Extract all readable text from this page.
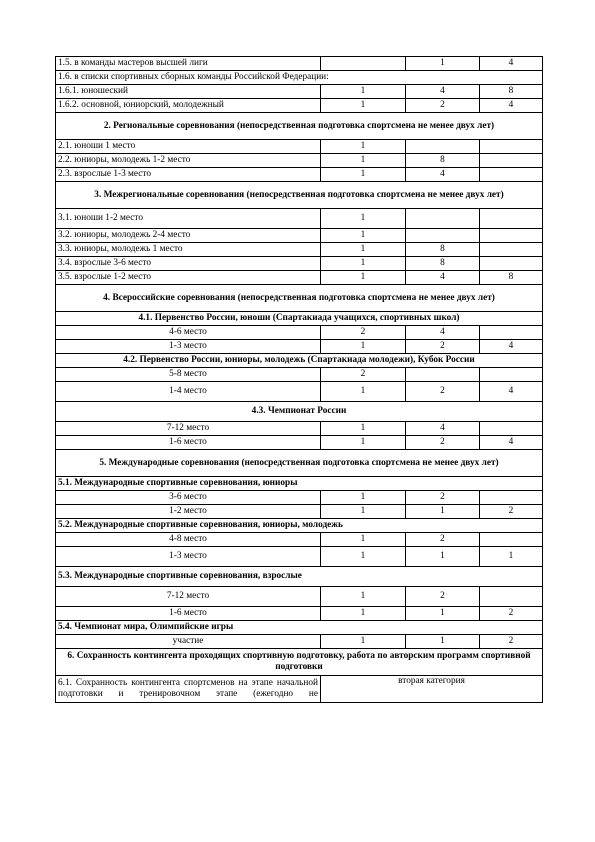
1.5. в команды мастеров высшей лиги		1	4
1.6. в списки спортивных сборных команды Российской Федерации:			
1.6.1. юношеский	1	4	8
1.6.2. основной, юниорский, молодежный	1	2	4
2. Региональные соревнования (непосредственная подготовка спортсмена не менее двух лет)			
2.1. юноши 1 место	1		
2.2. юниоры, молодежь 1-2 место	1	8	
2.3. взрослые 1-3 место	1	4	
3. Межрегиональные соревнования (непосредственная подготовка спортсмена не менее двух лет)			
3.1. юноши 1-2 место	1		
3.2. юниоры, молодежь 2-4 место	1		
3.3. юниоры, молодежь 1 место	1	8	
3.4. взрослые 3-6 место	1	8	
3.5. взрослые 1-2 место	1	4	8
4. Всероссийские соревнования (непосредственная подготовка спортсмена не менее двух лет)			
4.1. Первенство России, юноши (Спартакиада учащихся, спортивных школ)			
4-6 место	2	4	
1-3 место	1	2	4
4.2. Первенство России, юниоры, молодежь (Спартакиада молодежи), Кубок России			
5-8 место	2		
1-4 место	1	2	4
4.3. Чемпионат России			
7-12 место	1	4	
1-6 место	1	2	4
5. Международные соревнования (непосредственная подготовка спортсмена не менее двух лет)			
5.1. Международные спортивные соревнования, юниоры			
3-6 место	1	2	
1-2 место	1	1	2
5.2. Международные спортивные соревнования, юниоры, молодежь			
4-8 место	1	2	
1-3 место	1	1	1
5.3. Международные спортивные соревнования, взрослые			
7-12 место	1	2	
1-6 место	1	1	2
5.4. Чемпионат мира, Олимпийские игры			
участие	1	1	2
6. Сохранность контингента проходящих спортивную подготовку, работа по авторским программ спортивной подготовки			
6.1. Сохранность контингента спортсменов на этапе начальной подготовки и тренировочном этапе (ежегодно не	вторая категория		
